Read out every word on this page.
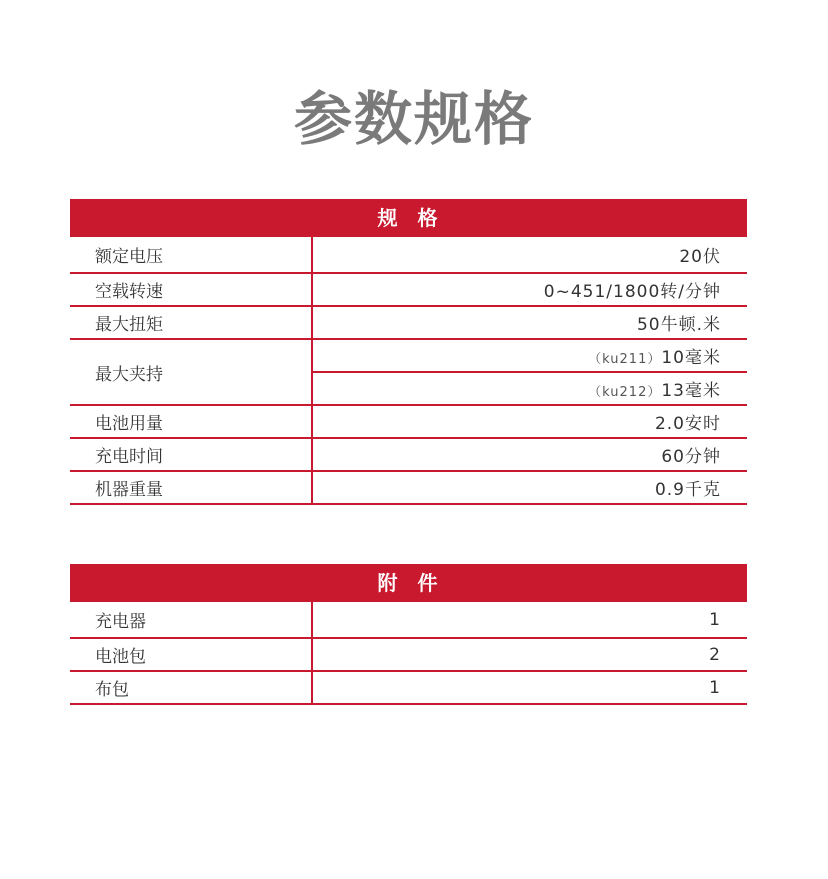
参数规格
规  格
额定电压	20伏
空载转速	0~451/1800转/分钟
最大扭矩	50牛顿.米
最大夹持	（ku211）10毫米
	（ku212）13毫米
电池用量	2.0安时
充电时间	60分钟
机器重量	0.9千克
附  件
充电器	1
电池包	2
布包	1
